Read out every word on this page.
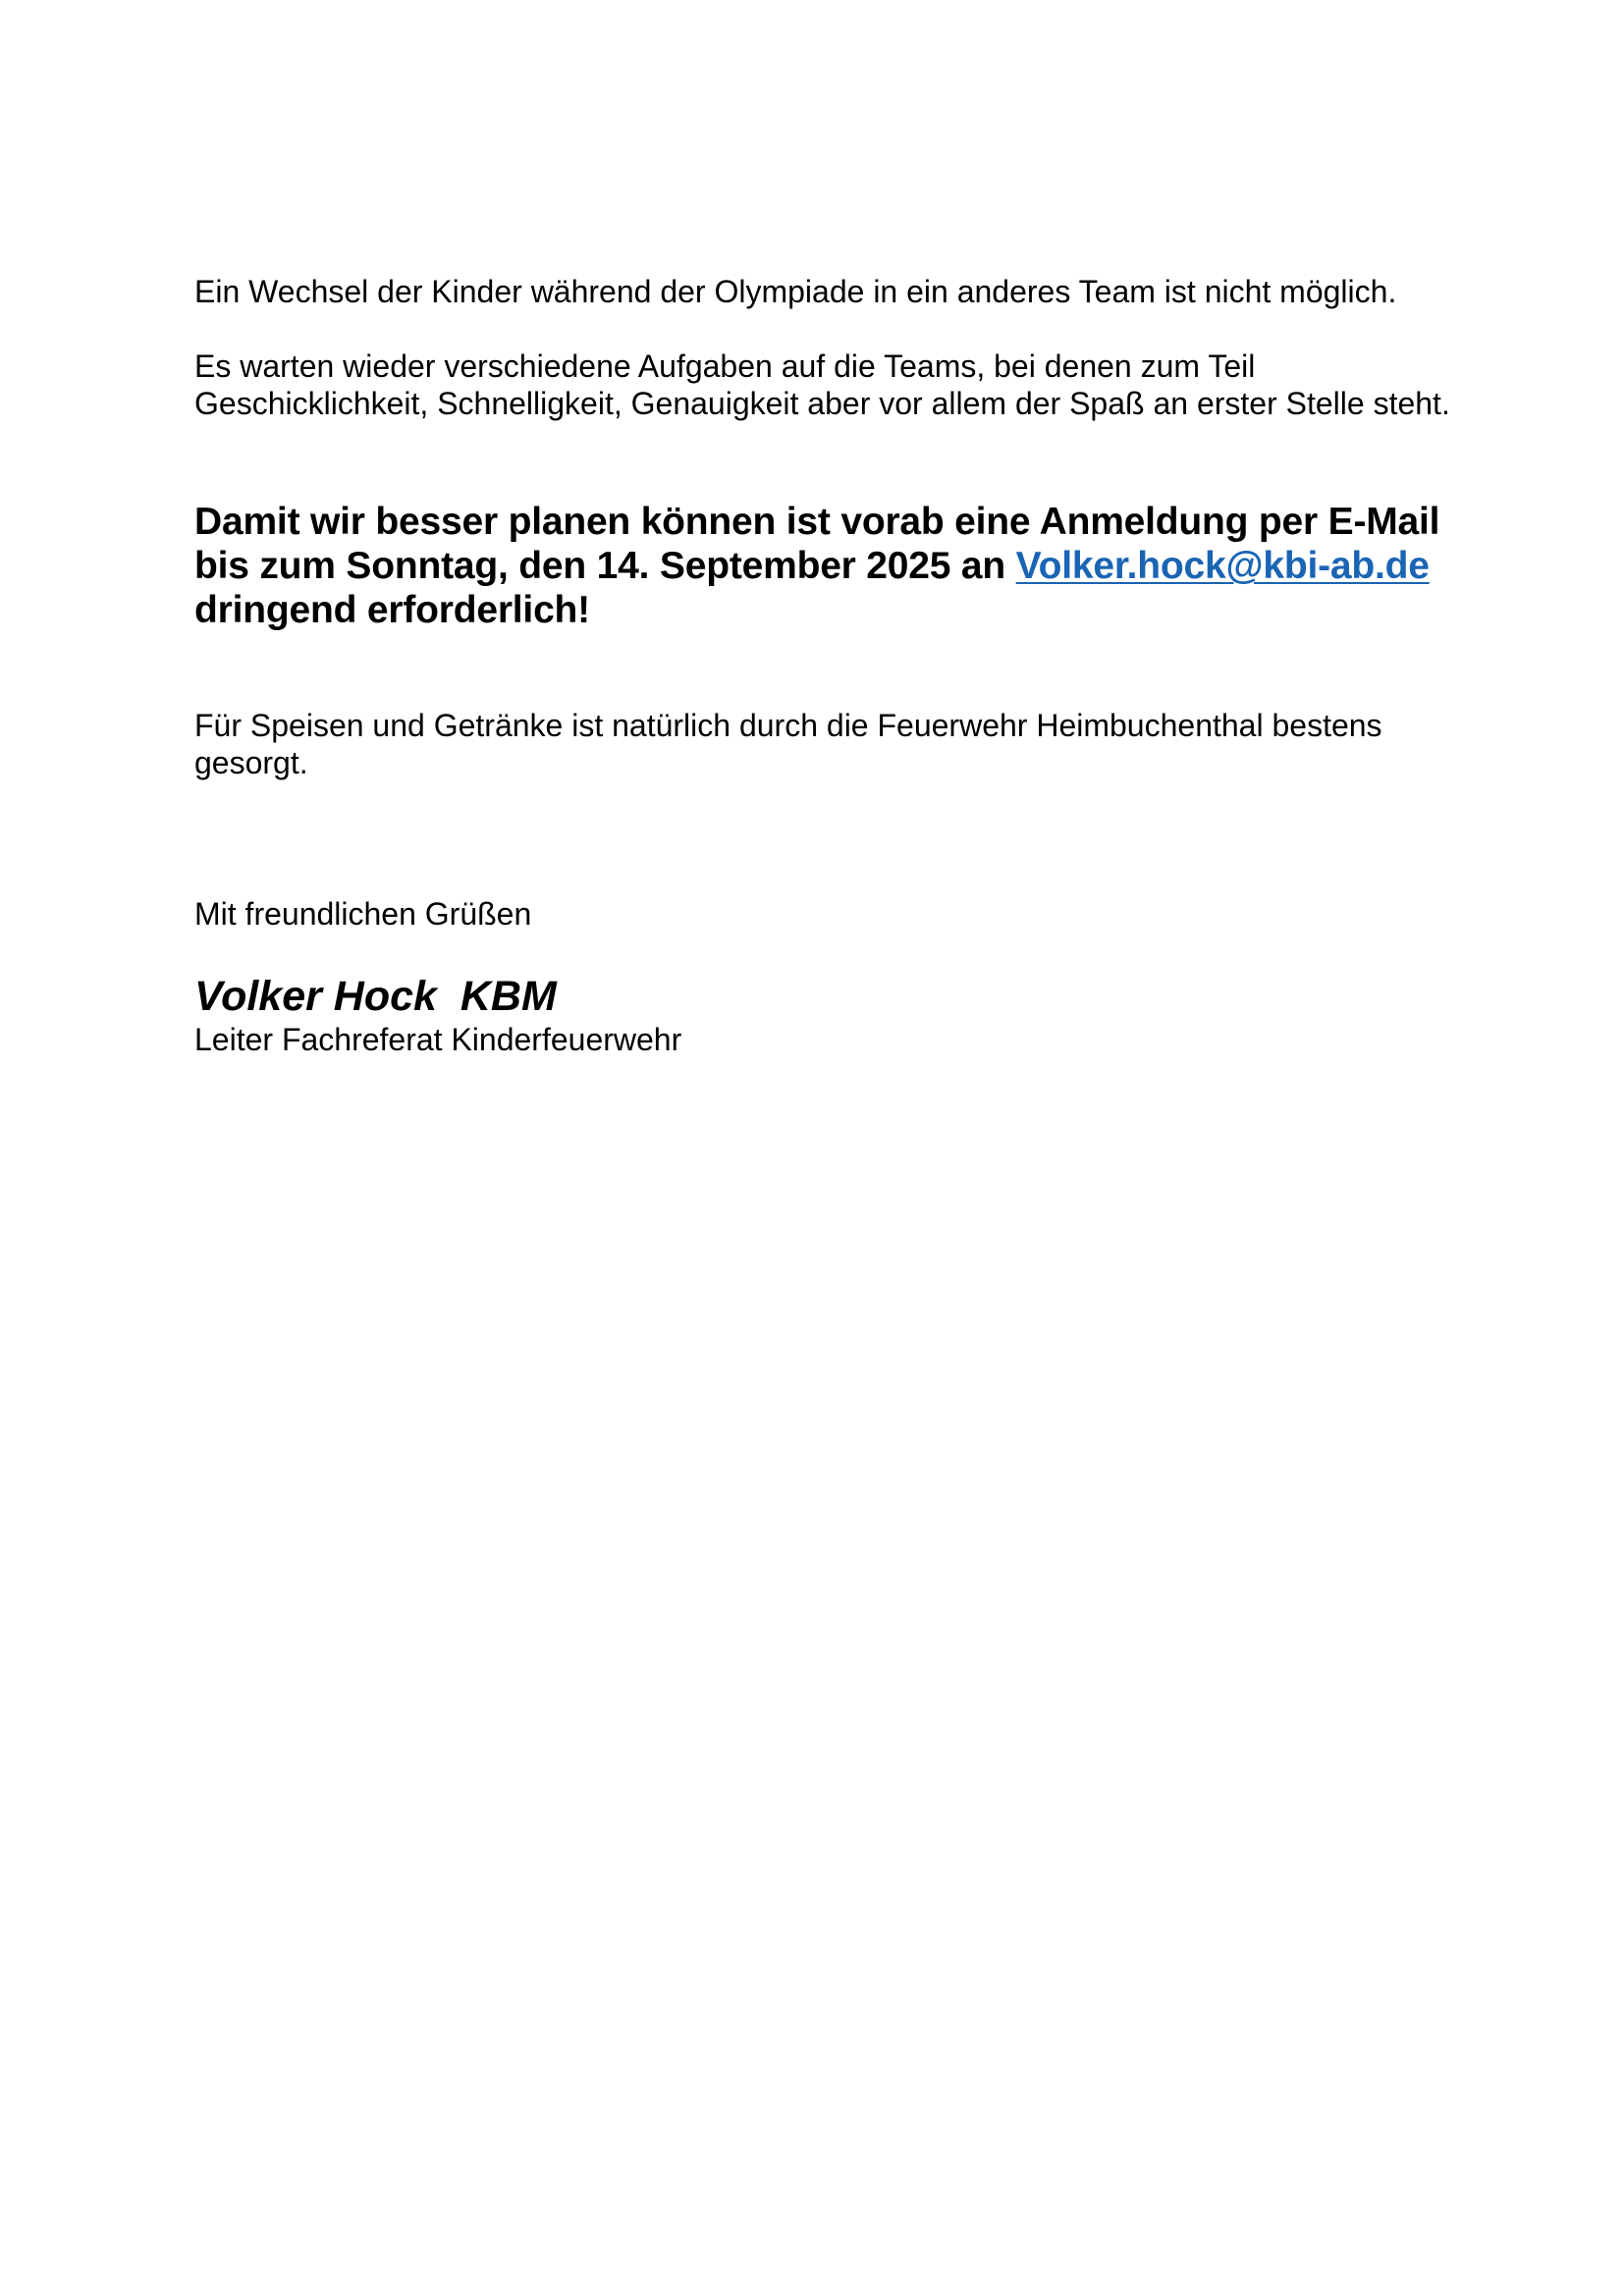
Ein Wechsel der Kinder während der Olympiade in ein anderes Team ist nicht möglich.

Es warten wieder verschiedene Aufgaben auf die Teams, bei denen zum Teil Geschicklichkeit, Schnelligkeit, Genauigkeit aber vor allem der Spaß an erster Stelle steht.

Damit wir besser planen können ist vorab eine Anmeldung per E-Mail bis zum Sonntag, den 14. September 2025 an Volker.hock@kbi-ab.de dringend erforderlich!

Für Speisen und Getränke ist natürlich durch die Feuerwehr Heimbuchenthal bestens gesorgt.

Mit freundlichen Grüßen

Volker Hock  KBM

Leiter Fachreferat Kinderfeuerwehr
